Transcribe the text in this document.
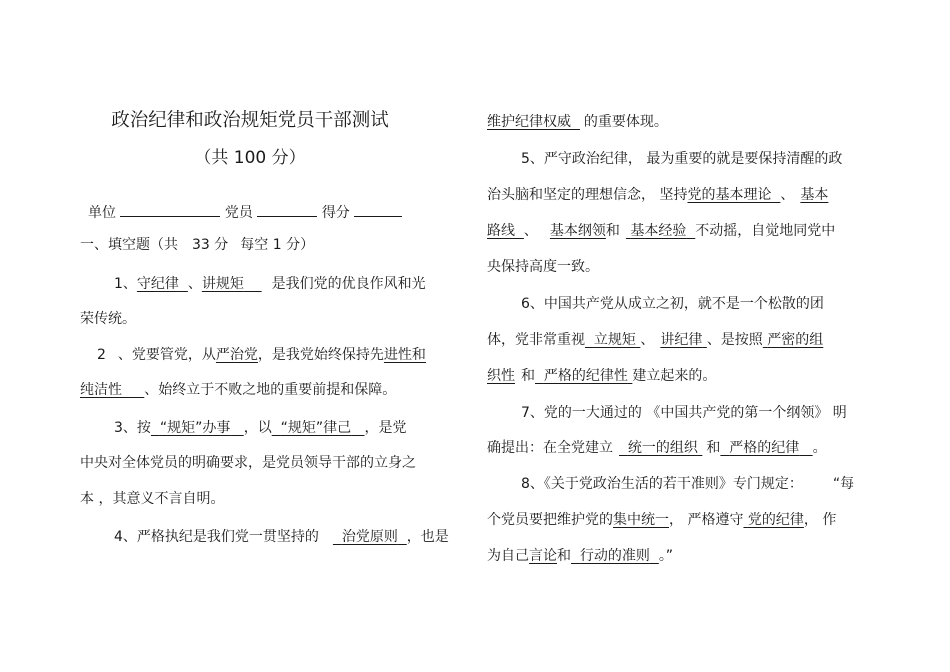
政治纪律和政治规矩党员干部测试
（共 100 分）
单位	党员	得分
一、填空题（共 33 分 每空 1 分）
1、守纪律 、讲规矩 是我们党的优良作风和光
荣传统。
2 、党要管党，从严治党，是我党始终保持先进性和
纯洁性 、始终立于不败之地的重要前提和保障。
3、按 “规矩”办事 ，以 “规矩”律己 ，是党
中央对全体党员的明确要求，是党员领导干部的立身之
本 ，其意义不言自明。
4、严格执纪是我们党一贯坚持的 治党原则 ，也是
维护纪律权威 的重要体现。
5、严守政治纪律， 最为重要的就是要保持清醒的政
治头脑和坚定的理想信念， 坚持党的基本理论 、 基本
路线 、 基本纲领和 基本经验 不动摇，自觉地同党中
央保持高度一致。
6、中国共产党从成立之初，就不是一个松散的团
体，党非常重视 立规矩 、 讲纪律 、是按照 严密的组
织性 和 严格的纪律性 建立起来的。
7、党的一大通过的 《中国共产党的第一个纲领》 明
确提出：在全党建立 统一的组织 和 严格的纪律 。
8、《关于党政治生活的若干准则》专门规定： “每
个党员要把维护党的集中统一， 严格遵守 党的纪律， 作
为自己言论和 行动的准则 。”
